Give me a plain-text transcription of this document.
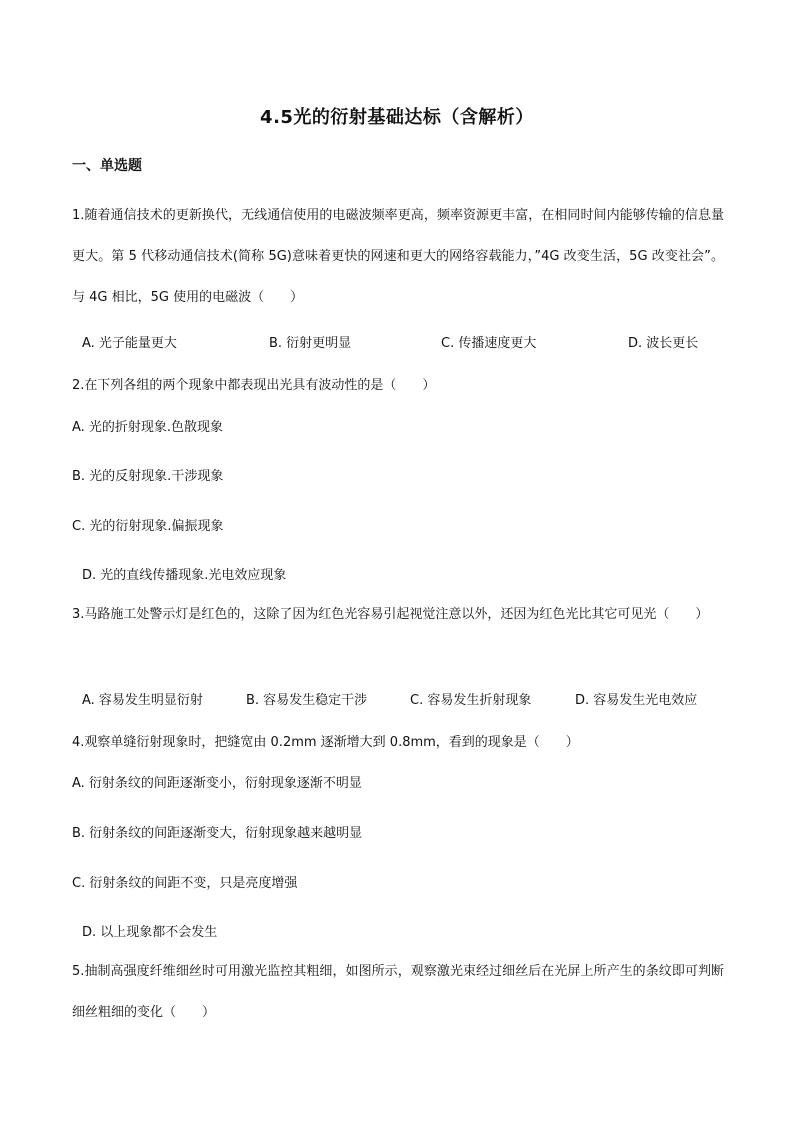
4.5光的衍射基础达标（含解析）
一、单选题
1.随着通信技术的更新换代，无线通信使用的电磁波频率更高，频率资源更丰富，在相同时间内能够传输的信息量更大。第 5 代移动通信技术(简称 5G)意味着更快的网速和更大的网络容载能力，”4G 改变生活，5G 改变社会”。与 4G 相比，5G 使用的电磁波（　　）
A. 光子能量更大	B. 衍射更明显	C. 传播速度更大	D. 波长更长
2.在下列各组的两个现象中都表现出光具有波动性的是（　　）
A. 光的折射现象.色散现象
B. 光的反射现象.干涉现象
C. 光的衍射现象.偏振现象
D. 光的直线传播现象.光电效应现象
3.马路施工处警示灯是红色的，这除了因为红色光容易引起视觉注意以外，还因为红色光比其它可见光（　　）
A. 容易发生明显衍射	B. 容易发生稳定干涉	C. 容易发生折射现象	D. 容易发生光电效应
4.观察单缝衍射现象时，把缝宽由 0.2mm 逐渐增大到 0.8mm，看到的现象是（　　）
A. 衍射条纹的间距逐渐变小，衍射现象逐渐不明显
B. 衍射条纹的间距逐渐变大，衍射现象越来越明显
C. 衍射条纹的间距不变，只是亮度增强
D. 以上现象都不会发生
5.抽制高强度纤维细丝时可用激光监控其粗细，如图所示，观察激光束经过细丝后在光屏上所产生的条纹即可判断细丝粗细的变化（　　）
